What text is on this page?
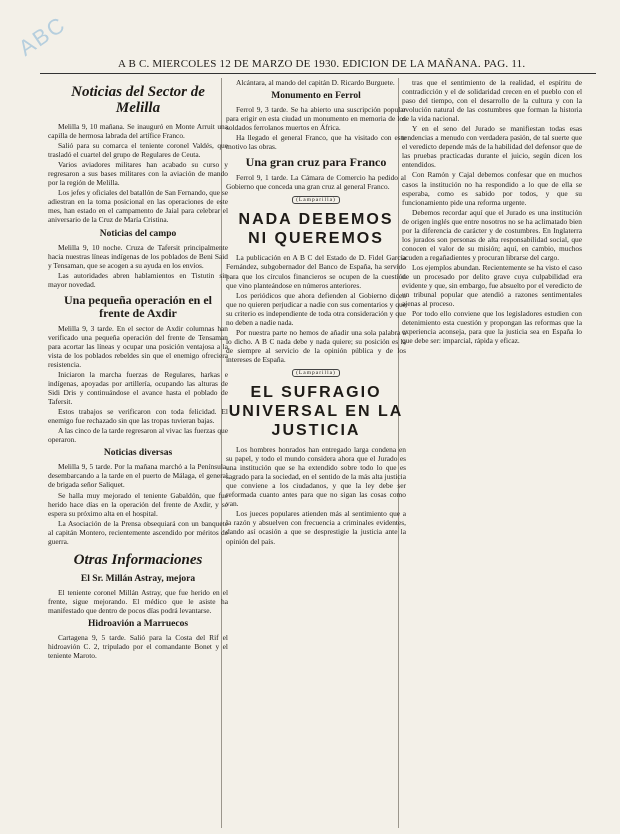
ABC
A B C. MIERCOLES 12 DE MARZO DE 1930. EDICION DE LA MAÑANA. PAG. 11.
Noticias del Sector de Melilla

Melilla 9, 10 mañana. Se inauguró en Monte Arruit una capilla de hermosa labrada del artífice Franco.

Salió para su comarca el teniente coronel Valdés, que trasladó el cuartel del grupo de Regulares de Ceuta.

Varios aviadores militares han acabado su curso y regresaron a sus bases militares con la aviación de mando por la región de Melilla.

Los jefes y oficiales del batallón de San Fernando, que se adiestran en la toma posicional en las operaciones de este mes, han estado en el campamento de Jaial para celebrar el aniversario de la Cruz de María Cristina.

Noticias del campo

Melilla 9, 10 noche. Cruza de Tafersit principalmente hacia nuestras líneas indígenas de los poblados de Beni Said y Tensaman, que se acogen a su ayuda en los envíos.

Las autoridades abren hablamientos en Tistutin sin mayor novedad.

Una pequeña operación en el frente de Axdir

Melilla 9, 3 tarde. En el sector de Axdir columnas han verificado una pequeña operación del frente de Tensaman para acortar las líneas y ocupar una posición ventajosa a la vista de los poblados rebeldes sin que el enemigo ofreciera resistencia.

Iniciaron la marcha fuerzas de Regulares, harkas e indígenas, apoyadas por artillería, ocupando las alturas de Sidi Dris y continuándose el avance hasta el poblado de Tafersit.

Estos trabajos se verificaron con toda felicidad. El enemigo fue rechazado sin que las tropas tuvieran bajas.

A las cinco de la tarde regresaron al vivac las fuerzas que operaron.

Noticias diversas

Melilla 9, 5 tarde. Por la mañana marchó a la Península, desembarcando a la tarde en el puerto de Málaga, el general de brigada señor Saliquet.

Se halla muy mejorado el teniente Gabaldón, que fue herido hace días en la operación del frente de Axdir, y se espera su próximo alta en el hospital.

La Asociación de la Prensa obsequiará con un banquete al capitán Montero, recientemente ascendido por méritos de guerra.

Otras Informaciones
El Sr. Millán Astray, mejora

El teniente coronel Millán Astray, que fue herido en el frente, sigue mejorando. El médico que le asiste ha manifestado que dentro de pocos días podrá levantarse.

Hidroavión a Marruecos

Cartagena 9, 5 tarde. Salió para la Costa del Rif el hidroavión C. 2, tripulado por el comandante Bonet y el teniente Maroto.

Alcántara, al mando del capitán D. Ricardo Burguete.

Monumento en Ferrol

Ferrol 9, 3 tarde. Se ha abierto una suscripción popular para erigir en esta ciudad un monumento en memoria de los soldados ferrolanos muertos en África.

Ha llegado el general Franco, que ha visitado con este motivo las obras.

Una gran cruz para Franco

Ferrol 9, 1 tarde. La Cámara de Comercio ha pedido al Gobierno que conceda una gran cruz al general Franco.

(Lamparilla)
NADA DEBEMOS NI QUEREMOS

La publicación en A B C del Estado de D. Fidel García Fernández, subgobernador del Banco de España, ha servido para que los círculos financieros se ocupen de la cuestión que vino planteándose en números anteriores.

Los periódicos que ahora defienden al Gobierno dicen que no quieren perjudicar a nadie con sus comentarios y que su criterio es independiente de toda otra consideración y que no deben a nadie nada.

Por nuestra parte no hemos de añadir una sola palabra a lo dicho. A B C nada debe y nada quiere; su posición es la de siempre al servicio de la opinión pública y de los intereses de España.

(Lamparilla)
EL SUFRAGIO UNIVERSAL EN LA JUSTICIA

Los hombres honrados han entregado larga condena en su papel, y todo el mundo considera ahora que el Jurado es una institución que se ha extendido sobre todo lo que es sagrado para la sociedad, en el sentido de la más alta justicia que conviene a los ciudadanos, y que la ley debe ser reformada cuanto antes para que no sigan las cosas como van.

Los jueces populares atienden más al sentimiento que a la razón y absuelven con frecuencia a criminales evidentes, dando así ocasión a que se desprestigie la justicia ante la opinión del país.

tras que el sentimiento de la realidad, el espíritu de contradicción y el de solidaridad crecen en el pueblo con el paso del tiempo, con el desarrollo de la cultura y con la evolución natural de las costumbres que forman la historia de la vida nacional.

Y en el seno del Jurado se manifiestan todas esas tendencias a menudo con verdadera pasión, de tal suerte que el veredicto depende más de la habilidad del defensor que de las pruebas practicadas durante el juicio, según dicen los entendidos.

Con Ramón y Cajal debemos confesar que en muchos casos la institución no ha respondido a lo que de ella se esperaba, como es sabido por todos, y que su funcionamiento pide una reforma urgente.

Debemos recordar aquí que el Jurado es una institución de origen inglés que entre nosotros no se ha aclimatado bien por la diferencia de carácter y de costumbres. En Inglaterra los jurados son personas de alta responsabilidad social, que conocen el valor de su misión; aquí, en cambio, muchos acuden a regañadientes y procuran librarse del cargo.

Los ejemplos abundan. Recientemente se ha visto el caso de un procesado por delito grave cuya culpabilidad era evidente y que, sin embargo, fue absuelto por el veredicto de un tribunal popular que atendió a razones sentimentales ajenas al proceso.

Por todo ello conviene que los legisladores estudien con detenimiento esta cuestión y propongan las reformas que la experiencia aconseja, para que la justicia sea en España lo que debe ser: imparcial, rápida y eficaz.
